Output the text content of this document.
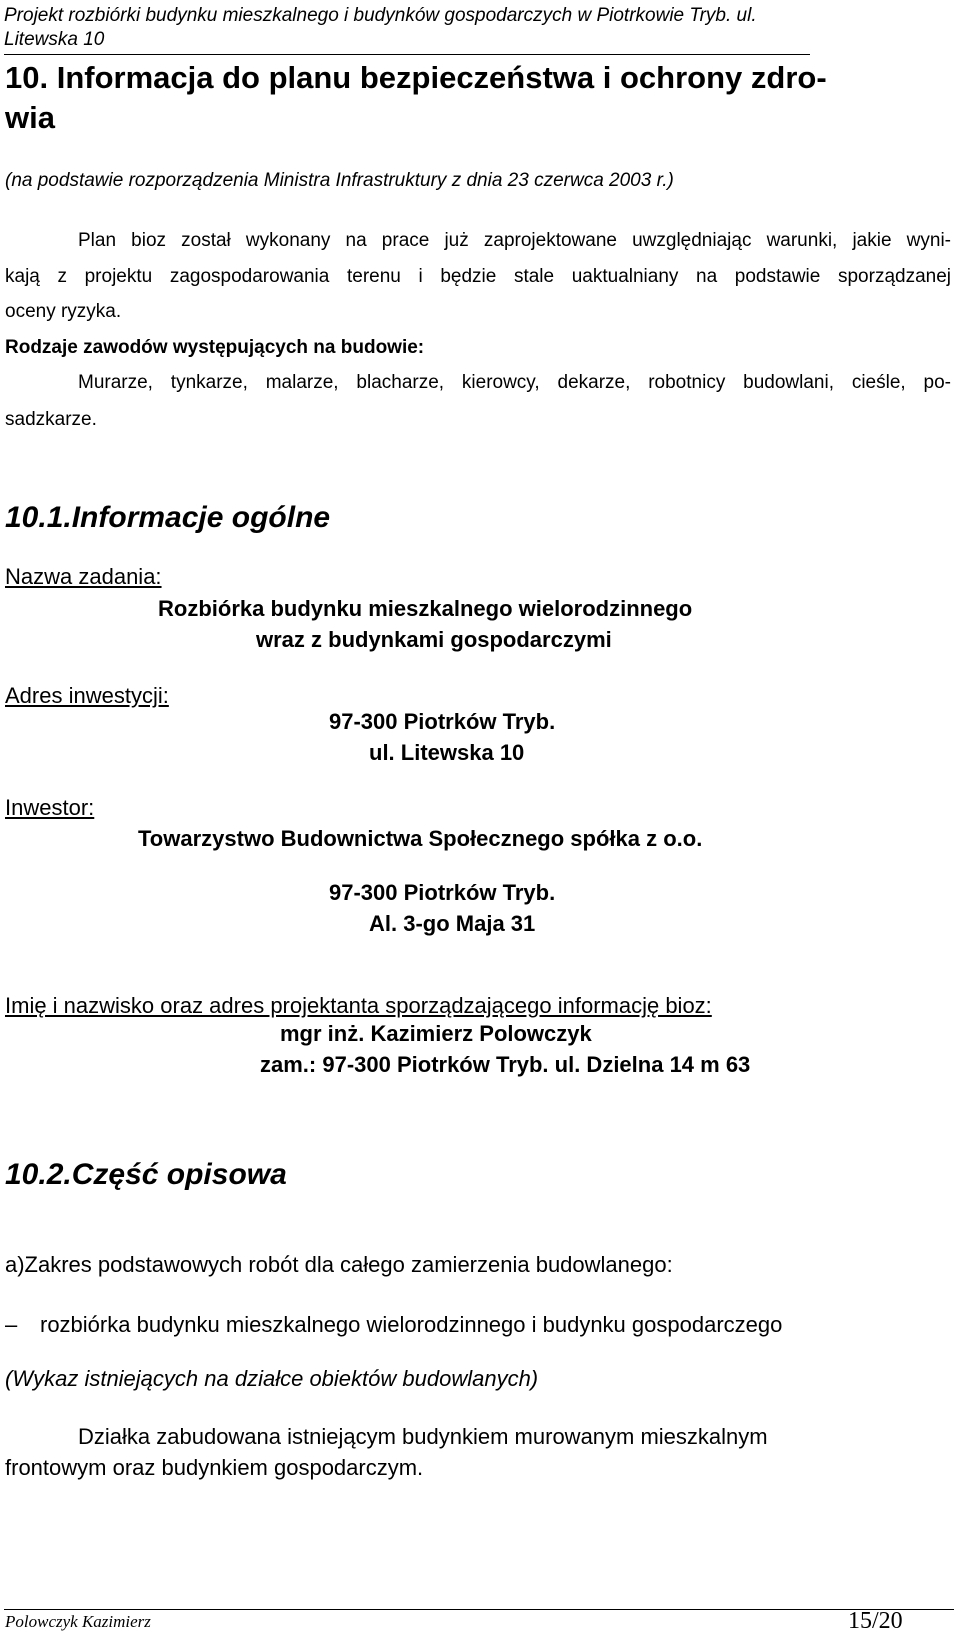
Projekt rozbiórki budynku mieszkalnego i budynków gospodarczych w Piotrkowie Tryb. ul. Litewska 10
10. Informacja do planu bezpieczeństwa i ochrony zdro-
wia
(na podstawie rozporządzenia Ministra Infrastruktury z dnia 23 czerwca 2003 r.)
Plan bioz został wykonany na prace już zaprojektowane uwzględniając warunki, jakie wyni-
kają z projektu zagospodarowania terenu i będzie stale uaktualniany na podstawie sporządzanej
oceny ryzyka.
Rodzaje zawodów występujących na budowie:
Murarze, tynkarze, malarze, blacharze, kierowcy, dekarze, robotnicy budowlani, cieśle, po-
sadzkarze.
10.1.Informacje ogólne
Nazwa zadania:
Rozbiórka budynku mieszkalnego wielorodzinnego
wraz z budynkami gospodarczymi
Adres inwestycji:
97-300 Piotrków Tryb.
ul. Litewska 10
Inwestor:
Towarzystwo Budownictwa Społecznego spółka z o.o.
97-300 Piotrków Tryb.
Al. 3-go Maja 31
Imię i nazwisko oraz adres projektanta sporządzającego informację bioz:
mgr inż. Kazimierz Polowczyk
zam.: 97-300 Piotrków Tryb. ul. Dzielna 14 m 63
10.2.Część opisowa
a)Zakres podstawowych robót dla całego zamierzenia budowlanego:
– rozbiórka budynku mieszkalnego wielorodzinnego i budynku gospodarczego
(Wykaz istniejących na działce obiektów budowlanych)
Działka zabudowana istniejącym budynkiem murowanym mieszkalnym
frontowym oraz budynkiem gospodarczym.
Polowczyk Kazimierz	15/20
